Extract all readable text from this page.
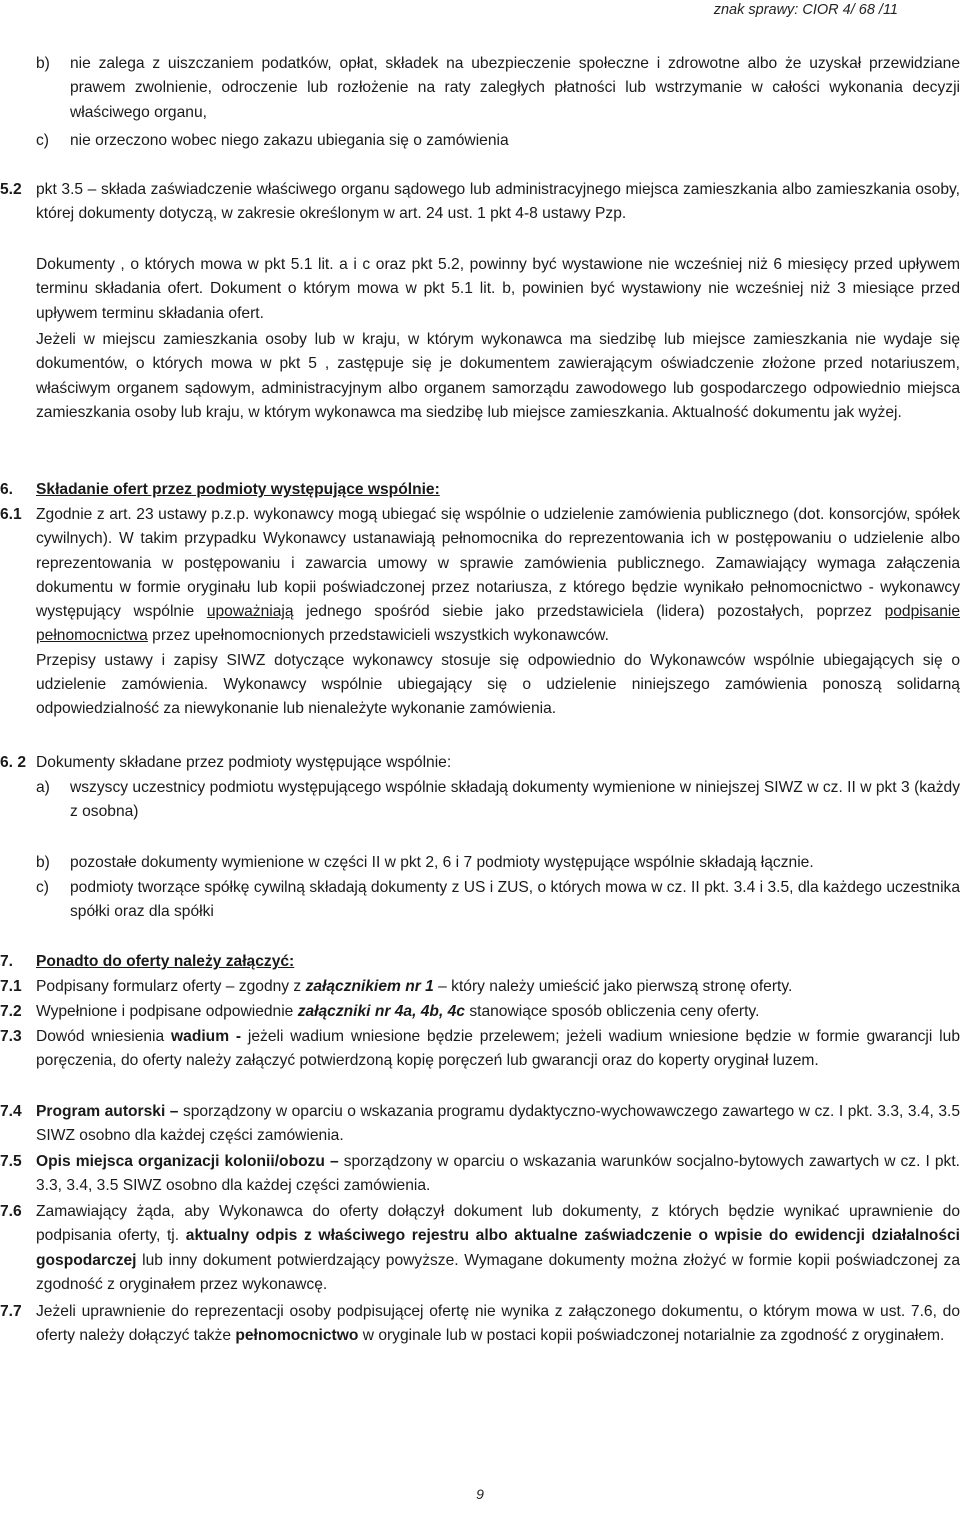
znak sprawy: CIOR 4/ 68 /11
b) nie zalega z uiszczaniem podatków, opłat, składek na ubezpieczenie społeczne i zdrowotne albo że uzyskał przewidziane prawem zwolnienie, odroczenie lub rozłożenie na raty zaległych płatności lub wstrzymanie w całości wykonania decyzji właściwego organu,
c) nie orzeczono wobec niego zakazu ubiegania się o zamówienia
5.2 pkt 3.5 – składa zaświadczenie właściwego organu sądowego lub administracyjnego miejsca zamieszkania albo zamieszkania osoby, której dokumenty dotyczą, w zakresie określonym w art. 24 ust. 1 pkt 4-8 ustawy Pzp.
Dokumenty , o których mowa w pkt 5.1 lit. a i c oraz pkt 5.2, powinny być wystawione nie wcześniej niż 6 miesięcy przed upływem terminu składania ofert. Dokument o którym mowa w pkt 5.1 lit. b, powinien być wystawiony nie wcześniej niż 3 miesiące przed upływem terminu składania ofert.
Jeżeli w miejscu zamieszkania osoby lub w kraju, w którym wykonawca ma siedzibę lub miejsce zamieszkania nie wydaje się dokumentów, o których mowa w pkt 5 , zastępuje się je dokumentem zawierającym oświadczenie złożone przed notariuszem, właściwym organem sądowym, administracyjnym albo organem samorządu zawodowego lub gospodarczego odpowiednio miejsca zamieszkania osoby lub kraju, w którym wykonawca ma siedzibę lub miejsce zamieszkania. Aktualność dokumentu jak wyżej.
6. Składanie ofert przez podmioty występujące wspólnie:
6.1 Zgodnie z art. 23 ustawy p.z.p. wykonawcy mogą ubiegać się wspólnie o udzielenie zamówienia publicznego (dot. konsorcjów, spółek cywilnych). W takim przypadku Wykonawcy ustanawiają pełnomocnika do reprezentowania ich w postępowaniu o udzielenie albo reprezentowania w postępowaniu i zawarcia umowy w sprawie zamówienia publicznego. Zamawiający wymaga załączenia dokumentu w formie oryginału lub kopii poświadczonej przez notariusza, z którego będzie wynikało pełnomocnictwo - wykonawcy występujący wspólnie upoważniają jednego spośród siebie jako przedstawiciela (lidera) pozostałych, poprzez podpisanie pełnomocnictwa przez upełnomocnionych przedstawicieli wszystkich wykonawców.

Przepisy ustawy i zapisy SIWZ dotyczące wykonawcy stosuje się odpowiednio do Wykonawców wspólnie ubiegających się o udzielenie zamówienia. Wykonawcy wspólnie ubiegający się o udzielenie niniejszego zamówienia ponoszą solidarną odpowiedzialność za niewykonanie lub nienależyte wykonanie zamówienia.

6. 2 Dokumenty składane przez podmioty występujące wspólnie:
a) wszyscy uczestnicy podmiotu występującego wspólnie składają dokumenty wymienione w niniejszej SIWZ w cz. II w pkt 3 (każdy z osobna)
b) pozostałe dokumenty wymienione w części II w pkt 2, 6 i 7 podmioty występujące wspólnie składają łącznie.
c) podmioty tworzące spółkę cywilną składają dokumenty z US i ZUS, o których mowa w cz. II pkt. 3.4 i 3.5, dla każdego uczestnika spółki oraz dla spółki
7. Ponadto do oferty należy załączyć:
7.1 Podpisany formularz oferty – zgodny z załącznikiem nr 1 – który należy umieścić jako pierwszą stronę oferty.
7.2 Wypełnione i podpisane odpowiednie załączniki nr 4a, 4b, 4c stanowiące sposób obliczenia ceny oferty.
7.3 Dowód wniesienia wadium - jeżeli wadium wniesione będzie przelewem; jeżeli wadium wniesione będzie w formie gwarancji lub poręczenia, do oferty należy załączyć potwierdzoną kopię poręczeń lub gwarancji oraz do koperty oryginał luzem.
7.4 Program autorski – sporządzony w oparciu o wskazania programu dydaktyczno-wychowawczego zawartego w cz. I pkt. 3.3, 3.4, 3.5 SIWZ osobno dla każdej części zamówienia.
7.5 Opis miejsca organizacji kolonii/obozu – sporządzony w oparciu o wskazania warunków socjalno-bytowych zawartych w cz. I pkt. 3.3, 3.4, 3.5 SIWZ osobno dla każdej części zamówienia.
7.6 Zamawiający żąda, aby Wykonawca do oferty dołączył dokument lub dokumenty, z których będzie wynikać uprawnienie do podpisania oferty, tj. aktualny odpis z właściwego rejestru albo aktualne zaświadczenie o wpisie do ewidencji działalności gospodarczej lub inny dokument potwierdzający powyższe. Wymagane dokumenty można złożyć w formie kopii poświadczonej za zgodność z oryginałem przez wykonawcę.
7.7 Jeżeli uprawnienie do reprezentacji osoby podpisującej ofertę nie wynika z załączonego dokumentu, o którym mowa w ust. 7.6, do oferty należy dołączyć także pełnomocnictwo w oryginale lub w postaci kopii poświadczonej notarialnie za zgodność z oryginałem.
9
